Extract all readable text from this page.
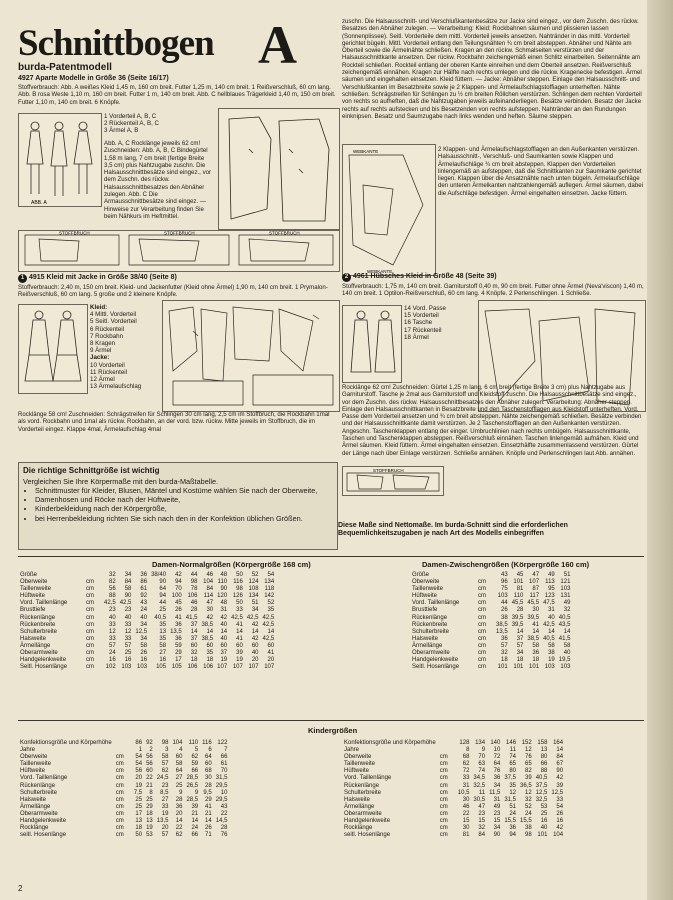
Schnittbogen A
burda-Patentmodell
4927 Aparte Modelle in Größe 36 (Seite 16/17)
Stoffverbrauch: Abb. A weißes Kleid 1,45 m, 160 cm breit. Futter 1,25 m, 140 cm breit. 1 Reißverschluß, 60 cm lang. Abb. B rosa Weste 1,10 m, 160 cm breit. Futter 1 m, 140 cm breit. Abb. C hellblaues Trägerkleid 1,40 m, 150 cm breit. Futter 1,10 m, 140 cm breit. 6 Knöpfe.
ABB. A
1 Vorderteil A, B, C
2 Rückenteil A, B, C
3 Ärmel A, B
Abb. A, C Rocklänge jeweils 62 cm! Zuschneiden: Abb. A, B, C Bindegürtel 1,58 m lang, 7 cm breit (fertige Breite 3,5 cm) plus Nahtzugabe zuschn. Die Halsausschnittbesätze sind eingez., vor dem Zuschn. des rückw. Halsausschnittbesatzes den Abnäher zulegen. Abb. C Die Armausschnittbesätze sind eingez. — Hinweise zur Verarbeitung finden Sie beim Nähkurs im Heftmittel.
STOFFBRUCH	STOFFBRUCH	STOFFBRUCH
1 4915 Kleid mit Jacke in Größe 38/40 (Seite 8)
Stoffverbrauch: 2,40 m, 150 cm breit. Kleid- und Jackenfutter (Kleid ohne Ärmel) 1,90 m, 140 cm breit. 1 Prymalon-Reißverschluß, 60 cm lang. 5 große und 2 kleinere Knöpfe.
Kleid:
4 Mittl. Vorderteil
5 Seitl. Vorderteil
6 Rückenteil
7 Rockbahn
8 Kragen
9 Ärmel
Jacke:
10 Vorderteil
11 Rückenteil
12 Ärmel
13 Ärmelaufschlag
Rocklänge 58 cm! Zuschneiden: Schrägstreifen für Schlingen 30 cm lang, 2,5 cm im Stoffbruch, die Rockbahn 1mal als vord. Rockbahn und 1mal als rückw. Rockbahn, an der vord. bzw. rückw. Mitte jeweils im Stoffbruch, die im Vorderteil eingez. Klappe 4mal, Ärmelaufschlag 4mal
Die richtige Schnittgröße ist wichtig
Vergleichen Sie Ihre Körpermaße mit den burda-Maßtabelle.
• Schnittmuster für Kleider, Blusen, Mäntel und Kostüme wählen Sie nach der Oberweite,
• Damenhosen und Röcke nach der Hüftweite,
• Kinderbekleidung nach der Körpergröße,
• bei Herrenbekleidung richten Sie sich nach den in der Konfektion üblichen Größen.
zuschn. Die Halsausschnitt- und Verschlußkantenbesätze zur Jacke sind eingez., vor dem Zuschn. des rückw. Besatzes den Abnäher zulegen. — Verarbeitung: Kleid: Rockbahnen säumen und plissieren lassen (Sonnenplissee). Seitl. Vorderteile dem mittl. Vorderteil jeweils ansetzen. Nahtränder in das mittl. Vorderteil gerichtet bügeln. Mittl. Vorderteil entlang den Teilungsnähten ¾ cm breit absteppen. Abnäher und Nähte am Oberteil sowie die Ärmelnähte schließen. Kragen an den rückw. Schmalseiten verstürzen und der Halsausschnittkante ansetzen. Der rückw. Rockbahn zeichengemäß einen Schlitz einarbeiten. Seitennähte am Rockteil schließen. Rockteil entlang der oberen Kante einreihen und dem Oberteil ansetzen. Reißverschluß zeichengemäß einnähen. Kragen zur Hälfte nach rechts umlegen und die rückw. Kragenecke befestigen. Ärmel säumen und eingehalten einsetzen. Kleid füttern. — Jacke: Abnäher steppen. Einlage den Halsausschnitt- und Verschlußkanten im Besatzbreite sowie je 2 Klappen- und Ärmelaufschlagstoffiagen unterheften. Nähte schließen. Schrägstreifen für Schlingen zu ½ cm breiten Röllchen verstürzen. Schlingen dem rechten Vorderteil von rechts so aufheften, daß die Nahtzugaben jeweils aufeinanderliegen. Besätze verbinden. Besatz der Jacke rechts auf rechts aufstecken und bis Besetzenden von rechts aufsteppen. Nahtränder an den Rundungen einknipsen. Besatz und Saumzugabe nach links wenden und heften. Säume steppen.
WEBKANTE
WEBKANTE
2 Klappen- und Ärmelaufschlagstofflagen an den Außenkanten verstürzen. Halsausschnitt-, Verschluß- und Saumkanten sowie Klappen und Ärmelaufschläge ¾ cm breit absteppen. Klappen den Vorderteilen linlengemäß an aufsteppen, daß die Schnittkanten zur Saumkante gerichtet liegen. Klappen über die Ansatznähte nach unten bügeln. Ärmelaufschläge den unteren Ärmelkanten nahtzahlengemäß auflegen. Ärmel säumen, dabei die Aufschläge befestigen. Ärmel eingehalten einsetzen. Jacke füttern.
2 4961 Hübsches Kleid in Größe 48 (Seite 39)
Stoffverbrauch: 1,75 m, 140 cm breit. Garniturstoff 0,40 m, 90 cm breit. Futter ohne Ärmel (Neva'viscon) 1,40 m, 140 cm breit. 1 Optilon-Reißverschluß, 60 cm lang. 4 Knöpfe. 2 Perlenschlingen. 1 Schließe.
14 Vord. Passe
15 Vorderteil
16 Tasche
17 Rückenteil
18 Ärmel
Rocklänge 62 cm! Zuschneiden: Gürtel 1,25 m lang, 6 cm breit (fertige Breite 3 cm) plus Nahtzugabe aus Garniturstoff. Tasche je 2mal aus Garniturstoff und Kleidstoff zuschn. Die Halsausschnittbesätze sind eingez., vor dem Zuschn. des rückw. Halsausschnittbesatzes den Abnäher zulegen. Verarbeitung: Abnäher steppen. Einlage den Halsausschnittkanten in Besatzbreite und den Taschenstofflagen aus Kleidstoff unterheften. Vord. Passe dem Vorderteil ansetzen und ¾ cm breit absteppen. Nähte zeichengemäß schließen. Besätze verbinden und der Halsausschnittkante damit verstürzen. Je 2 Taschenstofflagen an den Außenkanten verstürzen. Angeschn. Taschenklappen entlang der einger. Umbruchlinien nach rechts umbügeln. Halsausschnittkante, Taschen und Taschenklappen absteppen. Reißverschluß einnähen. Taschen linlengemäß aufnähen. Kleid und Ärmel säumen. Kleid füttern. Ärmel eingehalten einsetzen. Einsetzhälfte zusammenlassend verstürzen. Gürtel der Länge nach über Einlage verstürzen. Schließe annähen. Knöpfe und Perlenschlingen laut Abb. annähen.
STOFFBRUCH
Diese Maße sind Nettomaße. Im burda-Schnitt sind die erforderlichen Bequemlichkeitszugaben je nach Art des Modells einbegriffen
Damen-Normalgrößen (Körpergröße 168 cm)	Damen-Zwischengrößen (Körpergröße 160 cm)
Größe		32	34	36	38/40	42	44	46	48	50	52	54
Oberweite	cm	82	84	86	90	94	98	104	110	116	124	134
Taillenweite	cm	56	58	61	64	70	78	84	90	98	108	118
Hüftweite	cm	88	90	92	94	100	106	114	120	126	134	142
Vord. Taillenlänge	cm	42,5	42,5	43	44	45	46	47	48	50	51	52
Brusttiefe	cm	23	23	24	25	26	28	30	31	33	34	35
Rückenlänge	cm	40	40	40	40,5	41	41,5	42	42	42,5	42,5	42,5
Rückenbreite	cm	33	33	34	35	36	37	38,5	40	41	42	42,5
Schulterbreite	cm	12	12	12,5	13	13,5	14	14	14	14	14	14
Halsweite	cm	33	33	34	35	36	37	38,5	40	41	42	42,5
Ärmellänge	cm	57	57	58	58	59	60	60	60	60	60	60
Oberarmweite	cm	24	25	26	27	29	32	35	37	39	40	41
Handgelenkweite	cm	16	16	16	16	17	18	18	19	19	20	20
Seitl. Hosenlänge	cm	102	103	103	105	105	106	106	107	107	107	107
Größe		43	45	47	49	51
Oberweite	cm	96	101	107	113	121
Taillenweite	cm	75	81	87	95	103
Hüftweite	cm	103	110	117	123	131
Vord. Taillenlänge	cm	44	45,5	45,5	47,5	49
Brusttiefe	cm	26	28	30	31	32
Rückenlänge	cm	38	39,5	39,5	40	40,5
Rückenbreite	cm	38,5	39,5	41	42,5	43,5
Schulterbreite	cm	13,5	14	14	14	14
Halsweite	cm	36	37	38,5	40,5	41,5
Ärmellänge	cm	57	57	58	58	58
Oberarmweite	cm	32	34	36	38	40
Handgelenkweite	cm	18	18	18	19	19,5
Seitl. Hosenlänge	cm	101	101	101	103	103
Kindergrößen
Konfektionsgröße und Körperhöhe		86	92	98	104	110	116	122
Jahre		1	2	3	4	5	6	7
Oberweite	cm	54	56	58	60	62	64	66
Taillenweite	cm	54	56	57	58	59	60	61
Hüftweite	cm	56	60	62	64	66	68	70
Vord. Taillenlänge	cm	20	22	24,5	27	28,5	30	31,5
Rückenlänge	cm	19	21	23	25	26,5	28	29,5
Schulterbreite	cm	7,5	8	8,5	9	9	9,5	10
Halsweite	cm	25	25	27	28	28,5	29	29,5
Ärmellänge	cm	25	29	33	36	39	41	43
Oberarmweite	cm	17	18	19	20	21	21	22
Handgelenkweite	cm	13	13	13,5	14	14	14	14,5
Rocklänge	cm	18	19	20	22	24	26	28
seitl. Hosenlänge	cm	50	53	57	62	66	71	76
Konfektionsgröße und Körperhöhe		128	134	140	146	152	158	164
Jahre		8	9	10	11	12	13	14
Oberweite	cm	68	70	72	74	76	80	84
Taillenweite	cm	62	63	64	65	65	66	67
Hüftweite	cm	72	74	76	80	82	88	90
Vord. Taillenlänge	cm	33	34,5	36	37,5	39	40,5	42
Rückenlänge	cm	31	32,5	34	35	36,5	37,5	39
Schulterbreite	cm	10,5	11	11,5	12	12	12,5	12,5
Halsweite	cm	30	30,5	31	31,5	32	32,5	33
Ärmellänge	cm	46	47	49	51	52	53	54
Oberarmweite	cm	22	23	23	24	24	25	26
Handgelenkweite	cm	15	15	15	15,5	15,5	16	16
Rocklänge	cm	30	32	34	36	38	40	42
seitl. Hosenlänge	cm	81	84	90	94	98	101	104
2
